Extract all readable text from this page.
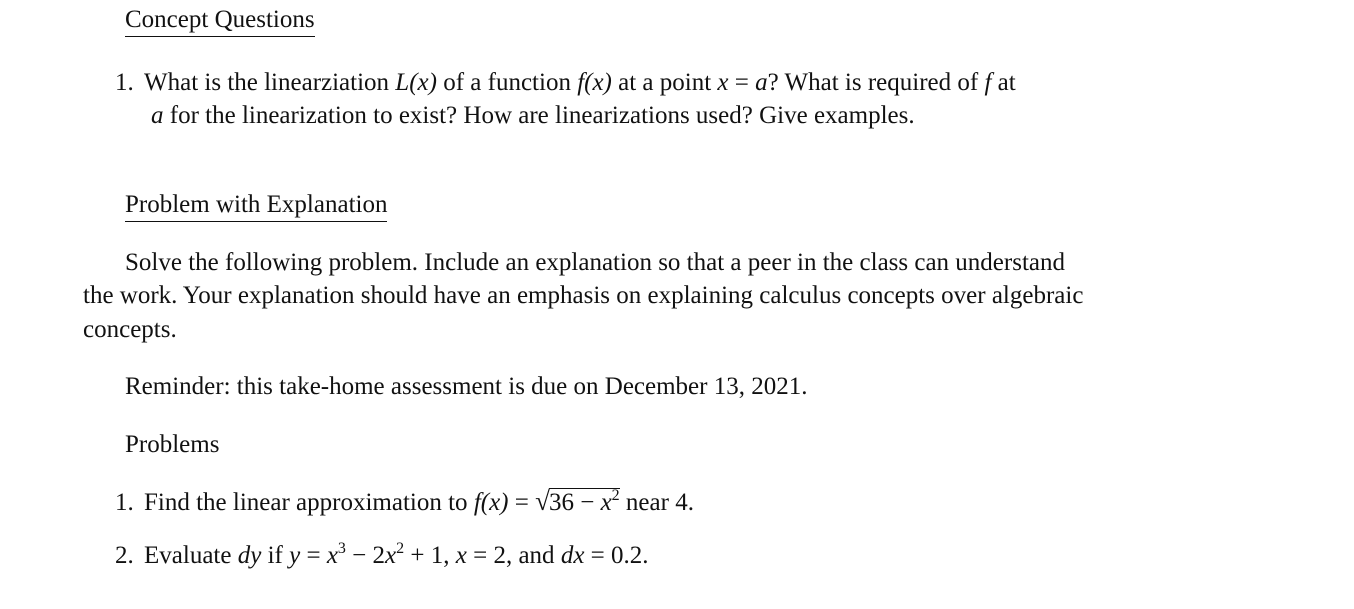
Concept Questions
1. What is the linearziation L(x) of a function f(x) at a point x = a? What is required of f at
a for the linearization to exist? How are linearizations used? Give examples.
Problem with Explanation
Solve the following problem. Include an explanation so that a peer in the class can understand
the work. Your explanation should have an emphasis on explaining calculus concepts over algebraic
concepts.
Reminder: this take-home assessment is due on December 13, 2021.
Problems
1. Find the linear approximation to $f(x) = √36 - x^2$ near 4.
2. Evaluate dy if $y = x^3 - 2x^2 + 1$, x = 2, and dx = 0.2.
